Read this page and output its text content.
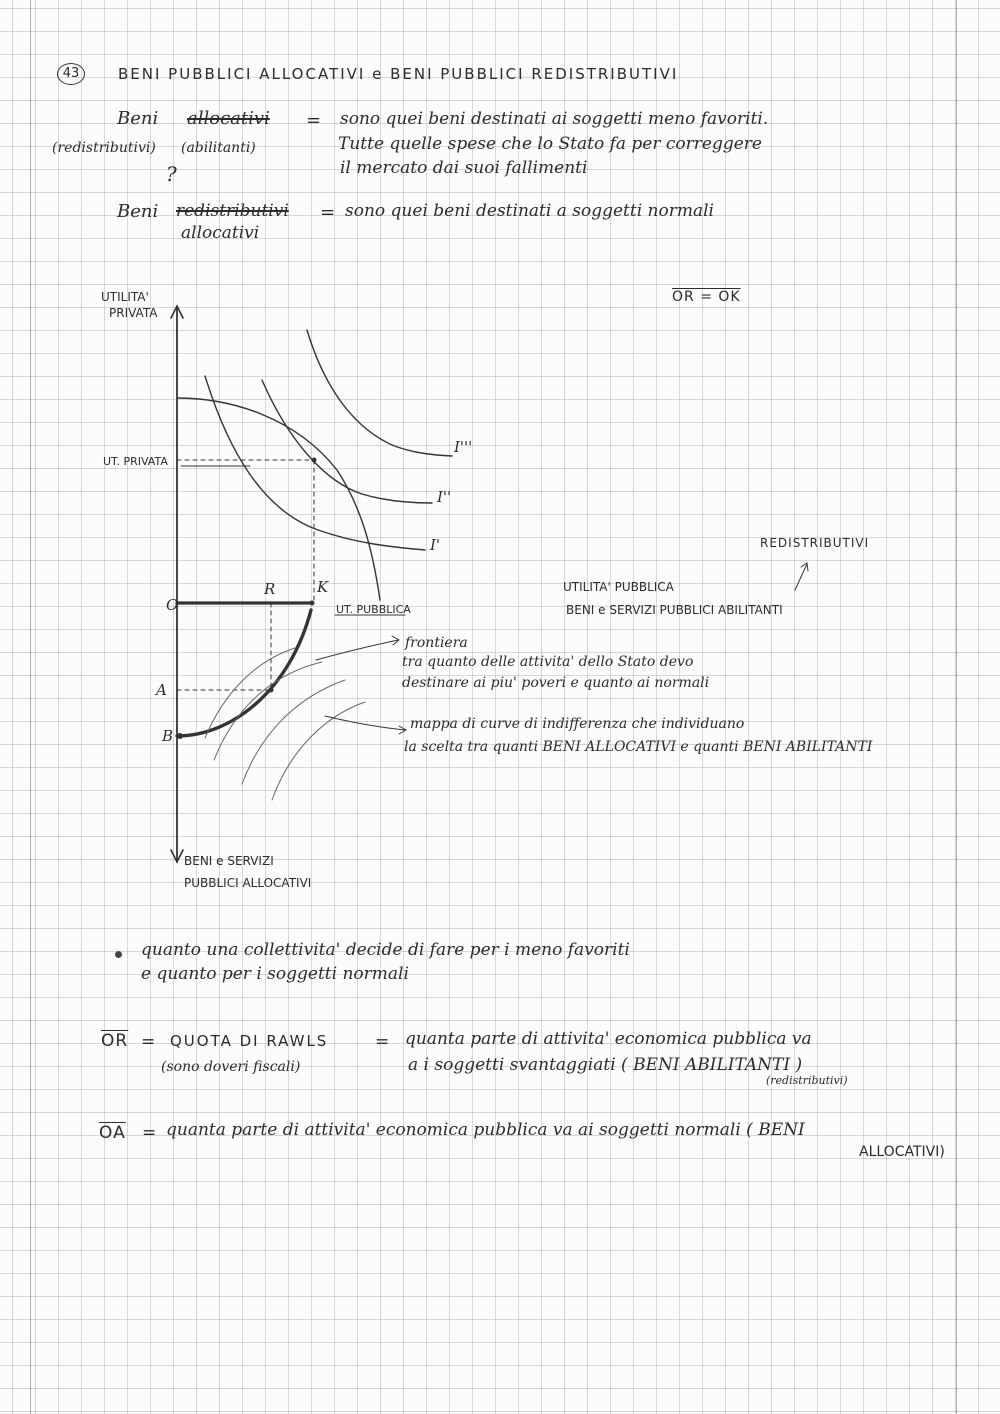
43	BENI PUBBLICI ALLOCATIVI e BENI PUBBLICI REDISTRIBUTIVI
Beni allocativi
(redistributivi) (abilitanti)
?
= sono quei beni destinati ai soggetti meno favoriti.
Tutte quelle spese che lo Stato fa per correggere
il mercato dai suoi fallimenti
Beni redistributivi = sono quei beni destinati a soggetti normali
allocativi
UTILITA'
PRIVATA
UT. PRIVATA
O
R	K
A
B
UT. PUBBLICA
I'
I''
I'''
OR = OK
REDISTRIBUTIVI
UTILITA' PUBBLICA
BENI e SERVIZI PUBBLICI ABILITANTI
BENI e SERVIZI
PUBBLICI ALLOCATIVI
frontiera
tra quanto delle attivita' dello Stato devo
destinare ai piu' poveri e quanto ai normali
mappa di curve di indifferenza che individuano
la scelta tra quanti BENI ALLOCATIVI e quanti BENI ABILITANTI
quanto una collettivita' decide di fare per i meno favoriti
e quanto per i soggetti normali
$\overline{OR}$ = QUOTA DI RAWLS	= quanta parte di attivita' economica pubblica va
(sono doveri fiscali)	a i soggetti svantaggiati ( BENI ABILITANTI )
(redistributivi)
$\overline{OA}$ = quanta parte di attivita' economica pubblica va ai soggetti normali ( BENI
ALLOCATIVI)
